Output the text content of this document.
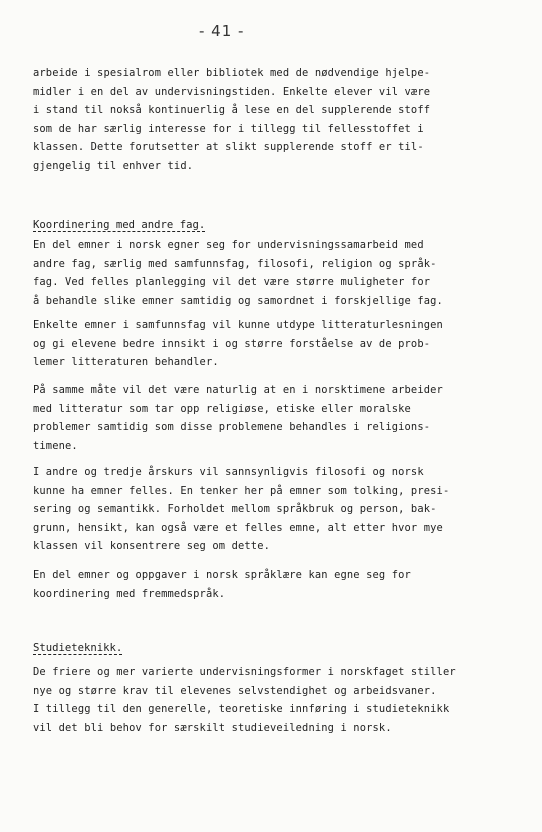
- 41 -
arbeide i spesialrom eller bibliotek med de nødvendige hjelpe-
midler i en del av undervisningstiden. Enkelte elever vil være
i stand til nokså kontinuerlig å lese en del supplerende stoff
som de har særlig interesse for i tillegg til fellesstoffet i
klassen. Dette forutsetter at slikt supplerende stoff er til-
gjengelig til enhver tid.
Koordinering med andre fag.
En del emner i norsk egner seg for undervisningssamarbeid med
andre fag, særlig med samfunnsfag, filosofi, religion og språk-
fag. Ved felles planlegging vil det være større muligheter for
å behandle slike emner samtidig og samordnet i forskjellige fag.
Enkelte emner i samfunnsfag vil kunne utdype litteraturlesningen
og gi elevene bedre innsikt i og større forståelse av de prob-
lemer litteraturen behandler.
På samme måte vil det være naturlig at en i norsktimene arbeider
med litteratur som tar opp religiøse, etiske eller moralske
problemer samtidig som disse problemene behandles i religions-
timene.
I andre og tredje årskurs vil sannsynligvis filosofi og norsk
kunne ha emner felles. En tenker her på emner som tolking, presi-
sering og semantikk. Forholdet mellom språkbruk og person, bak-
grunn, hensikt, kan også være et felles emne, alt etter hvor mye
klassen vil konsentrere seg om dette.
En del emner og oppgaver i norsk språklære kan egne seg for
koordinering med fremmedspråk.
Studieteknikk.
De friere og mer varierte undervisningsformer i norskfaget stiller
nye og større krav til elevenes selvstendighet og arbeidsvaner.
I tillegg til den generelle, teoretiske innføring i studieteknikk
vil det bli behov for særskilt studieveiledning i norsk.
